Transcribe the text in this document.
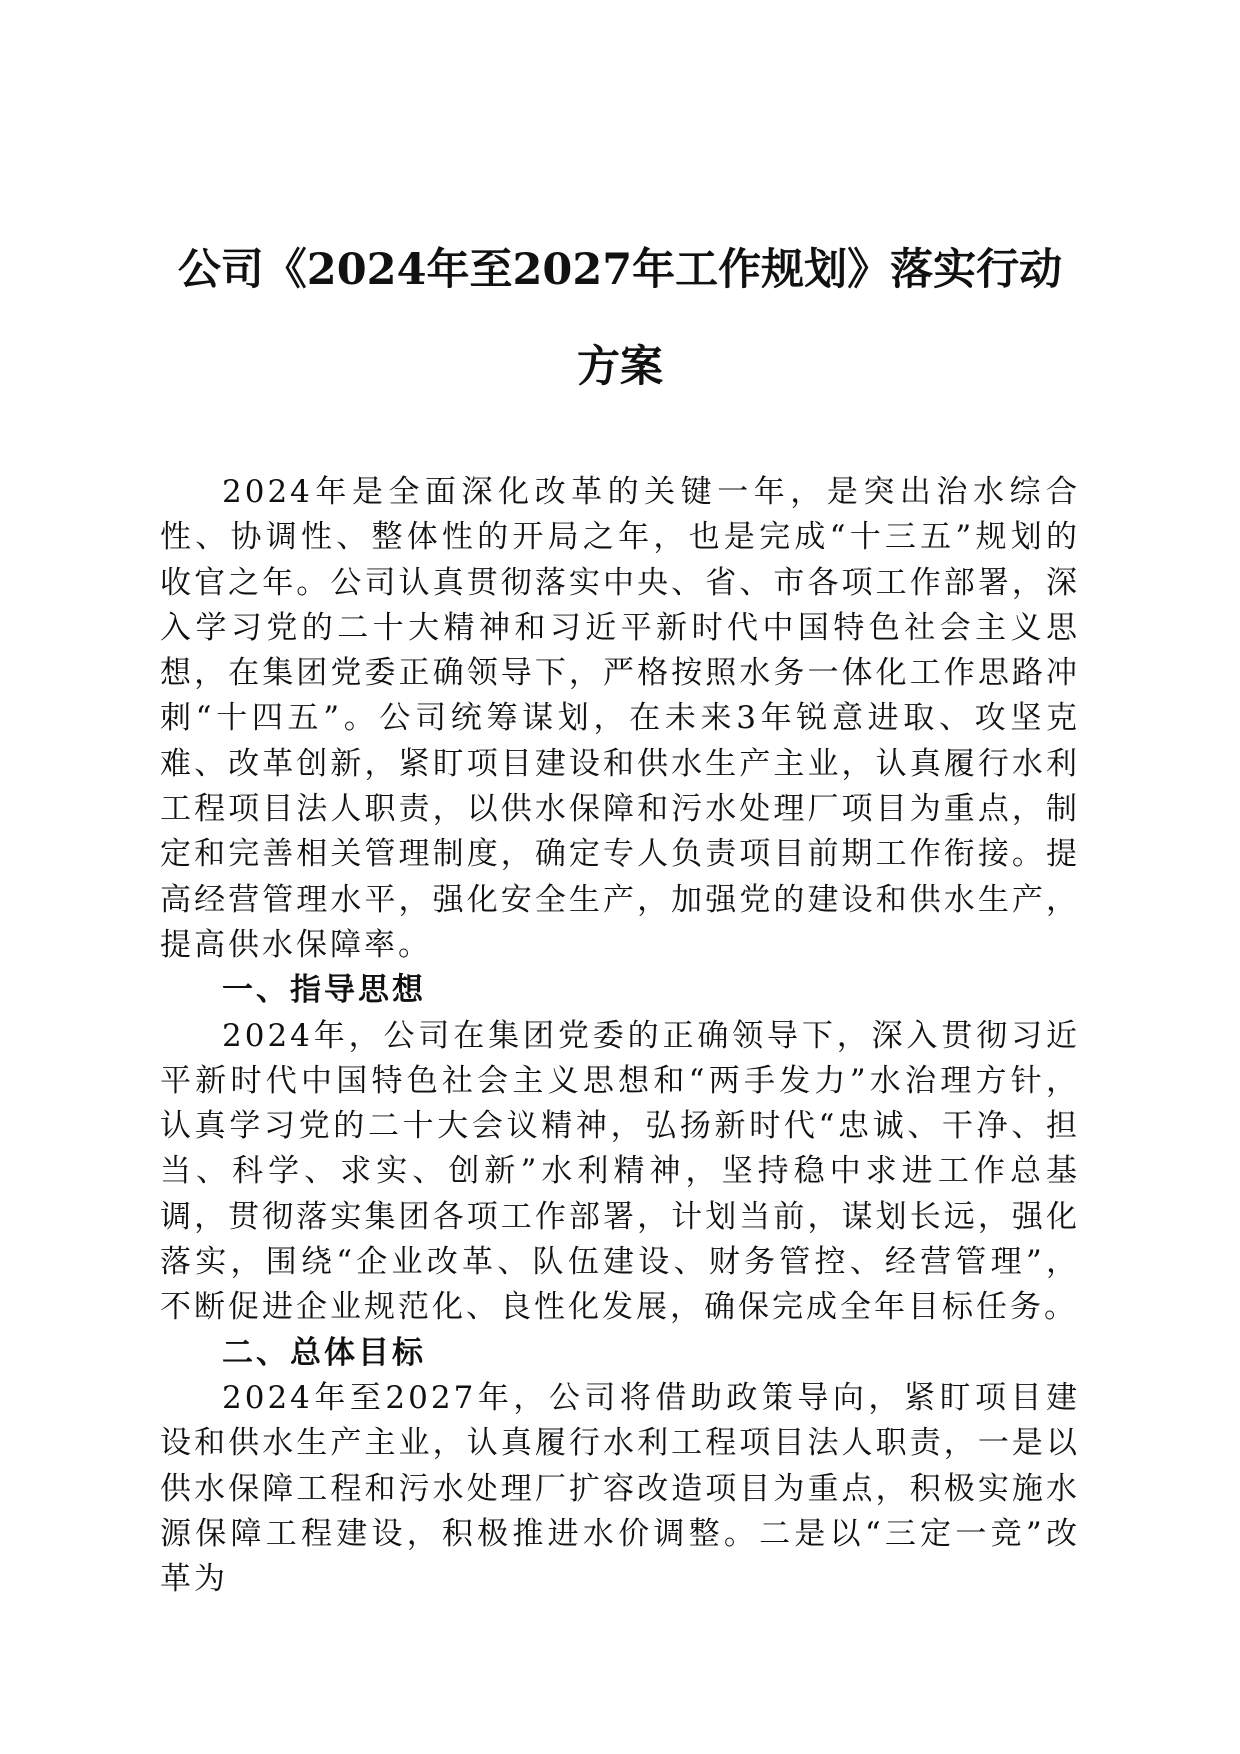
公司《2024年至2027年工作规划》落实行动
方案

2024年是全面深化改革的关键一年，是突出治水综合性、协调性、整体性的开局之年，也是完成“十三五”规划的收官之年。公司认真贯彻落实中央、省、市各项工作部署，深入学习党的二十大精神和习近平新时代中国特色社会主义思想，在集团党委正确领导下，严格按照水务一体化工作思路冲刺“十四五”。公司统筹谋划，在未来3年锐意进取、攻坚克难、改革创新，紧盯项目建设和供水生产主业，认真履行水利工程项目法人职责，以供水保障和污水处理厂项目为重点，制定和完善相关管理制度，确定专人负责项目前期工作衔接。提高经营管理水平，强化安全生产，加强党的建设和供水生产，提高供水保障率。

一、指导思想

2024年，公司在集团党委的正确领导下，深入贯彻习近平新时代中国特色社会主义思想和“两手发力”水治理方针，认真学习党的二十大会议精神，弘扬新时代“忠诚、干净、担当、科学、求实、创新”水利精神，坚持稳中求进工作总基调，贯彻落实集团各项工作部署，计划当前，谋划长远，强化落实，围绕“企业改革、队伍建设、财务管控、经营管理”，不断促进企业规范化、良性化发展，确保完成全年目标任务。

二、总体目标

2024年至2027年，公司将借助政策导向，紧盯项目建设和供水生产主业，认真履行水利工程项目法人职责，一是以供水保障工程和污水处理厂扩容改造项目为重点，积极实施水源保障工程建设，积极推进水价调整。二是以“三定一竞”改革为
